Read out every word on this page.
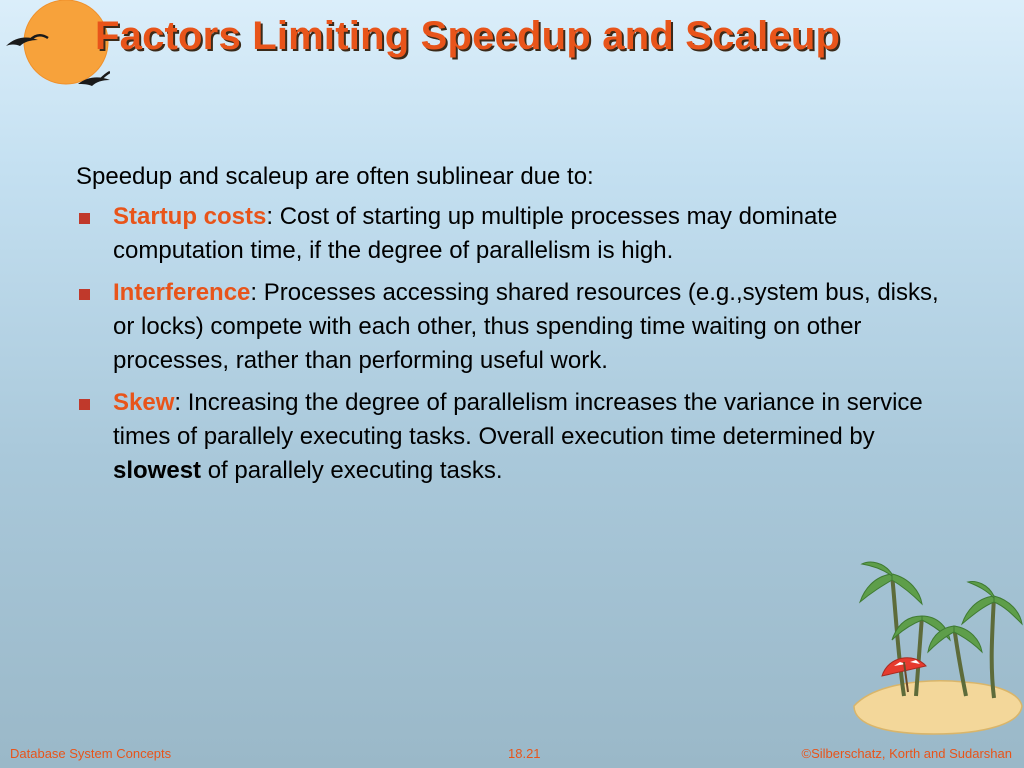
Factors Limiting Speedup and Scaleup

Speedup and scaleup are often sublinear due to:

Startup costs: Cost of starting up multiple processes may dominate computation time, if the degree of parallelism is high.
Interference: Processes accessing shared resources (e.g.,system bus, disks, or locks) compete with each other, thus spending time waiting on other processes, rather than performing useful work.
Skew: Increasing the degree of parallelism increases the variance in service times of parallely executing tasks. Overall execution time determined by slowest of parallely executing tasks.
Database System Concepts	18.21	©Silberschatz, Korth and Sudarshan
